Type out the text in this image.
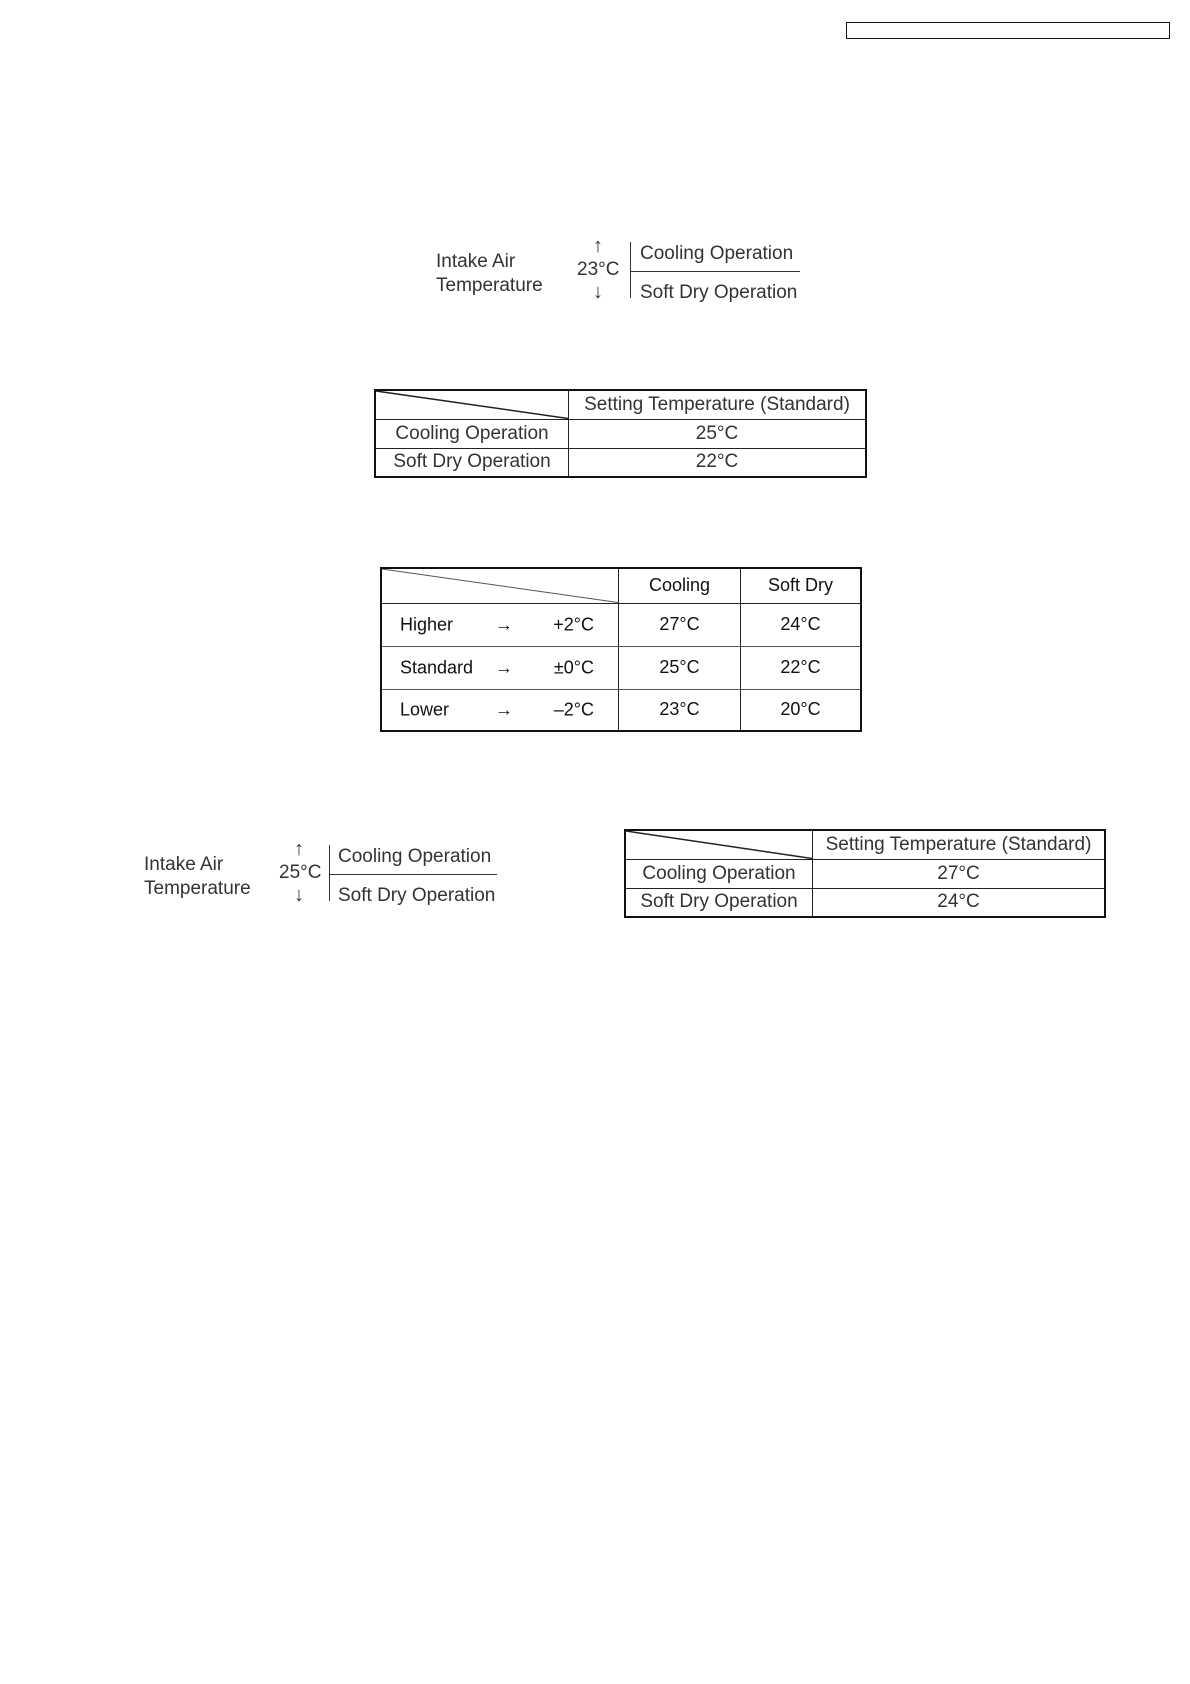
Intake Air
Temperature
↑
23°C
↓
Cooling Operation
Soft Dry Operation
	Setting Temperature (Standard)
Cooling Operation	25°C
Soft Dry Operation	22°C
	Cooling	Soft Dry

Higher → +2°C	27°C	24°C

Standard → ±0°C	25°C	22°C

Lower → –2°C	23°C	20°C
Intake Air
Temperature
↑
25°C
↓
Cooling Operation
Soft Dry Operation
	Setting Temperature (Standard)
Cooling Operation	27°C
Soft Dry Operation	24°C
